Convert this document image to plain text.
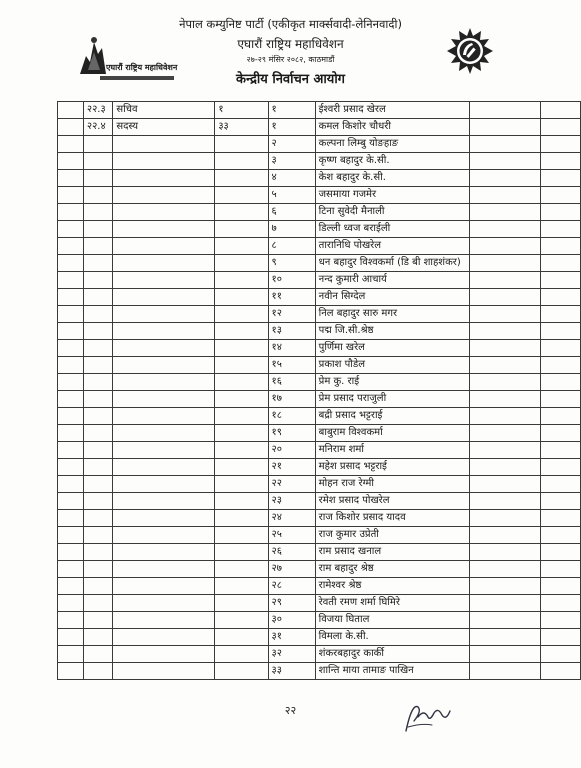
एघारौं राष्ट्रिय महाधिवेशन
नेपाल कम्युनिष्ट पार्टी (एकीकृत मार्क्सवादी-लेनिनवादी)
एघारौं राष्ट्रिय महाधिवेशन
२७-२९ मंसिर २०८२, काठमाडौं
केन्द्रीय निर्वाचन आयोग
	२२.३	सचिव	१	१	ईश्वरी प्रसाद खेरल		
	२२.४	सदस्य	३३	१	कमल किशोर चौधरी		
				२	कल्पना लिम्बु योङहाङ		
				३	कृष्ण बहादुर के.सी.		
				४	केश बहादुर के.सी.		
				५	जसमाया गजमेर		
				६	टिना सुवेदी मैनाली		
				७	डिल्ली ध्वज बराईली		
				८	तारानिधि पोखरेल		
				९	धन बहादुर विश्वकर्मा (डि बी शाहशंकर)		
				१०	नन्द कुमारी आचार्य		
				११	नवीन सिग्देल		
				१२	निल बहादुर सारु मगर		
				१३	पद्म जि.सी.श्रेष्ठ		
				१४	पुर्णिमा खरेल		
				१५	प्रकाश पौडेल		
				१६	प्रेम कु. राई		
				१७	प्रेम प्रसाद पराजुली		
				१८	बद्री प्रसाद भट्टराई		
				१९	बाबुराम विश्वकर्मा		
				२०	मनिराम शर्मा		
				२१	महेश प्रसाद भट्टराई		
				२२	मोहन राज रेग्मी		
				२३	रमेश प्रसाद पोखरेल		
				२४	राज किशोर प्रसाद यादव		
				२५	राज कुमार उप्रेती		
				२६	राम प्रसाद खनाल		
				२७	राम बहादुर श्रेष्ठ		
				२८	रामेश्वर श्रेष्ठ		
				२९	रेवती रमण शर्मा घिमिरे		
				३०	विजया घिताल		
				३१	विमला के.सी.		
				३२	शंकरबहादुर कार्की		
				३३	शान्ति माया तामाङ पाखिन		
२२
